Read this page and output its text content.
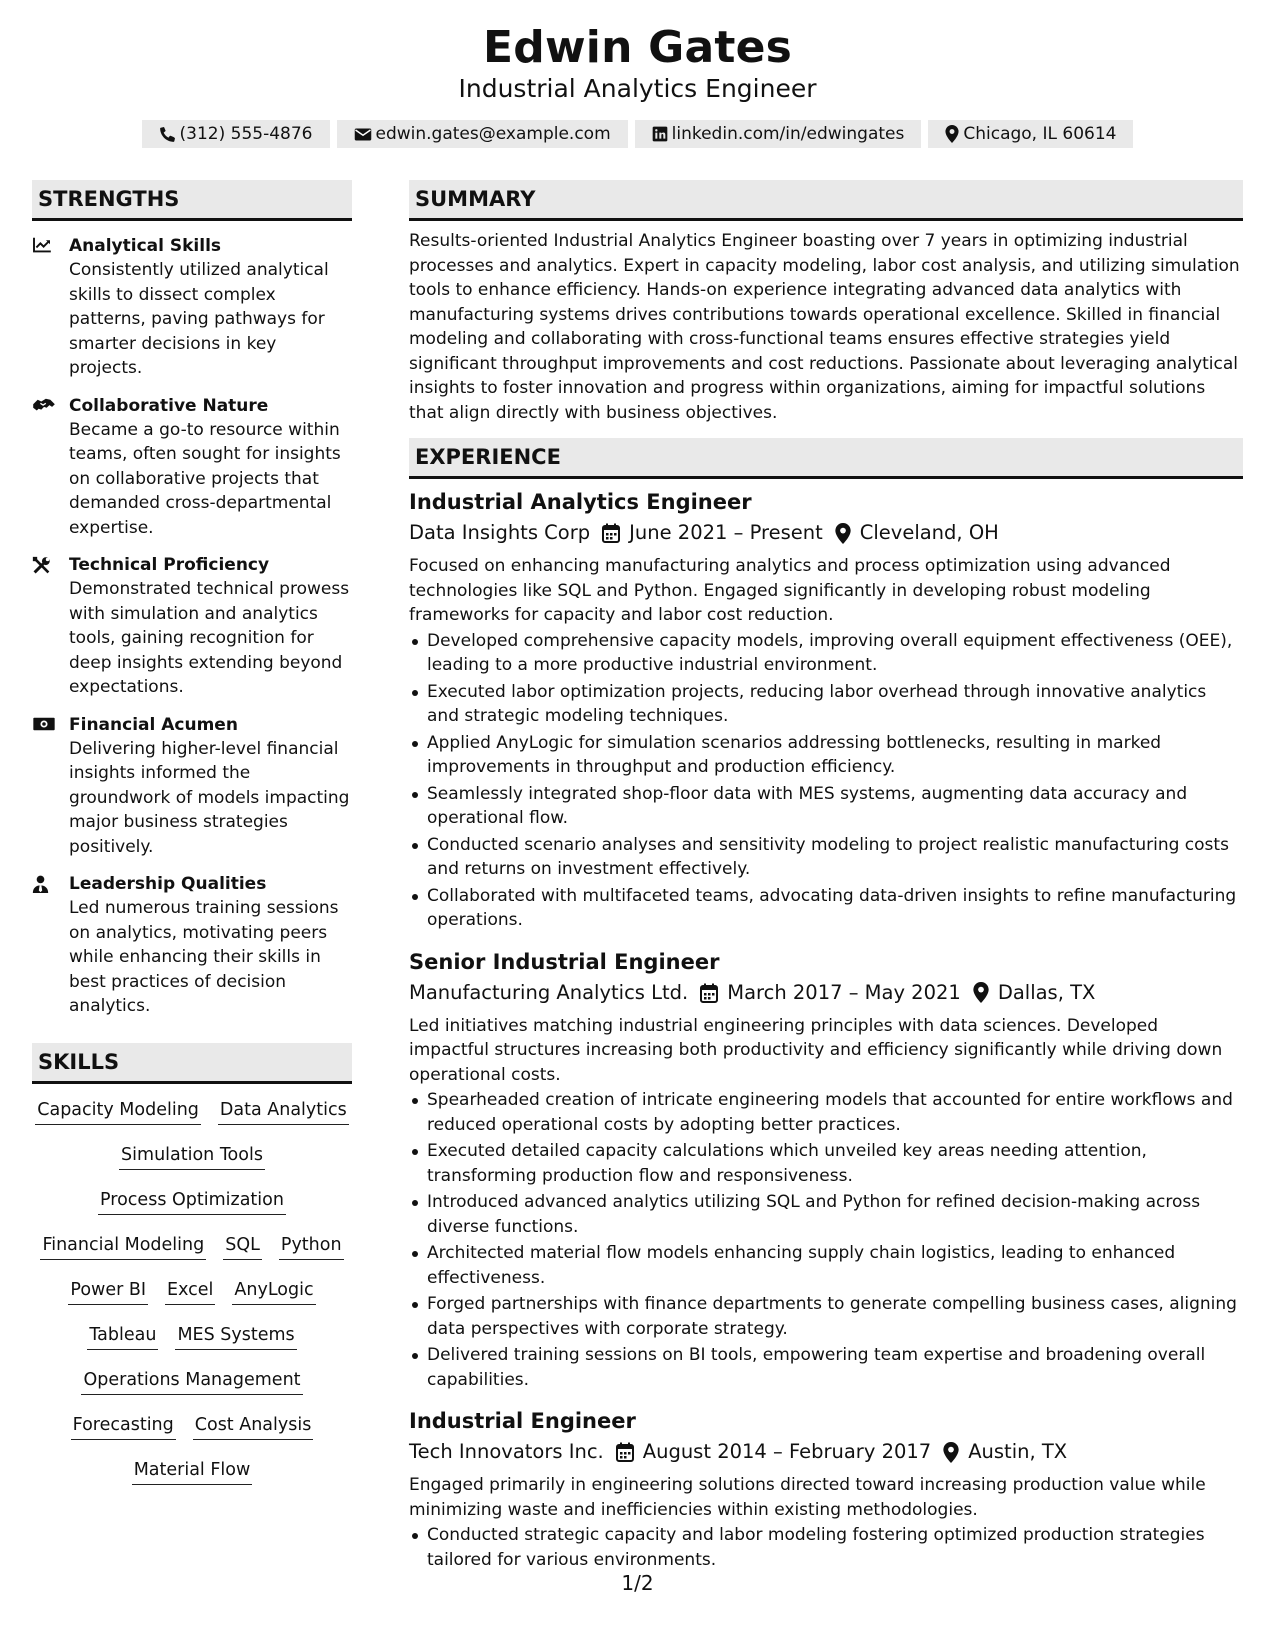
Edwin Gates
Industrial Analytics Engineer
(312) 555-4876	edwin.gates@example.com	linkedin.com/in/edwingates	Chicago, IL 60614
STRENGTHS
Analytical Skills
Consistently utilized analytical skills to dissect complex patterns, paving pathways for smarter decisions in key projects.
Collaborative Nature
Became a go-to resource within teams, often sought for insights on collaborative projects that demanded cross-departmental expertise.
Technical Proficiency
Demonstrated technical prowess with simulation and analytics tools, gaining recognition for deep insights extending beyond expectations.
Financial Acumen
Delivering higher-level financial insights informed the groundwork of models impacting major business strategies positively.
Leadership Qualities
Led numerous training sessions on analytics, motivating peers while enhancing their skills in best practices of decision analytics.
SKILLS
Capacity Modeling Data Analytics
Simulation Tools
Process Optimization
Financial Modeling SQL Python
Power BI Excel AnyLogic
Tableau MES Systems
Operations Management
Forecasting Cost Analysis
Material Flow
SUMMARY
Results-oriented Industrial Analytics Engineer boasting over 7 years in optimizing industrial processes and analytics. Expert in capacity modeling, labor cost analysis, and utilizing simulation tools to enhance efficiency. Hands-on experience integrating advanced data analytics with manufacturing systems drives contributions towards operational excellence. Skilled in financial modeling and collaborating with cross-functional teams ensures effective strategies yield significant throughput improvements and cost reductions. Passionate about leveraging analytical insights to foster innovation and progress within organizations, aiming for impactful solutions that align directly with business objectives.
EXPERIENCE
Industrial Analytics Engineer
Data Insights Corp June 2021 – Present Cleveland, OH
Focused on enhancing manufacturing analytics and process optimization using advanced technologies like SQL and Python. Engaged significantly in developing robust modeling frameworks for capacity and labor cost reduction.
Developed comprehensive capacity models, improving overall equipment effectiveness (OEE), leading to a more productive industrial environment.
Executed labor optimization projects, reducing labor overhead through innovative analytics and strategic modeling techniques.
Applied AnyLogic for simulation scenarios addressing bottlenecks, resulting in marked improvements in throughput and production efficiency.
Seamlessly integrated shop-floor data with MES systems, augmenting data accuracy and operational flow.
Conducted scenario analyses and sensitivity modeling to project realistic manufacturing costs and returns on investment effectively.
Collaborated with multifaceted teams, advocating data-driven insights to refine manufacturing operations.
Senior Industrial Engineer
Manufacturing Analytics Ltd. March 2017 – May 2021 Dallas, TX
Led initiatives matching industrial engineering principles with data sciences. Developed impactful structures increasing both productivity and efficiency significantly while driving down operational costs.
Spearheaded creation of intricate engineering models that accounted for entire workflows and reduced operational costs by adopting better practices.
Executed detailed capacity calculations which unveiled key areas needing attention, transforming production flow and responsiveness.
Introduced advanced analytics utilizing SQL and Python for refined decision-making across diverse functions.
Architected material flow models enhancing supply chain logistics, leading to enhanced effectiveness.
Forged partnerships with finance departments to generate compelling business cases, aligning data perspectives with corporate strategy.
Delivered training sessions on BI tools, empowering team expertise and broadening overall capabilities.
Industrial Engineer
Tech Innovators Inc. August 2014 – February 2017 Austin, TX
Engaged primarily in engineering solutions directed toward increasing production value while minimizing waste and inefficiencies within existing methodologies.
Conducted strategic capacity and labor modeling fostering optimized production strategies tailored for various environments.
1/2
